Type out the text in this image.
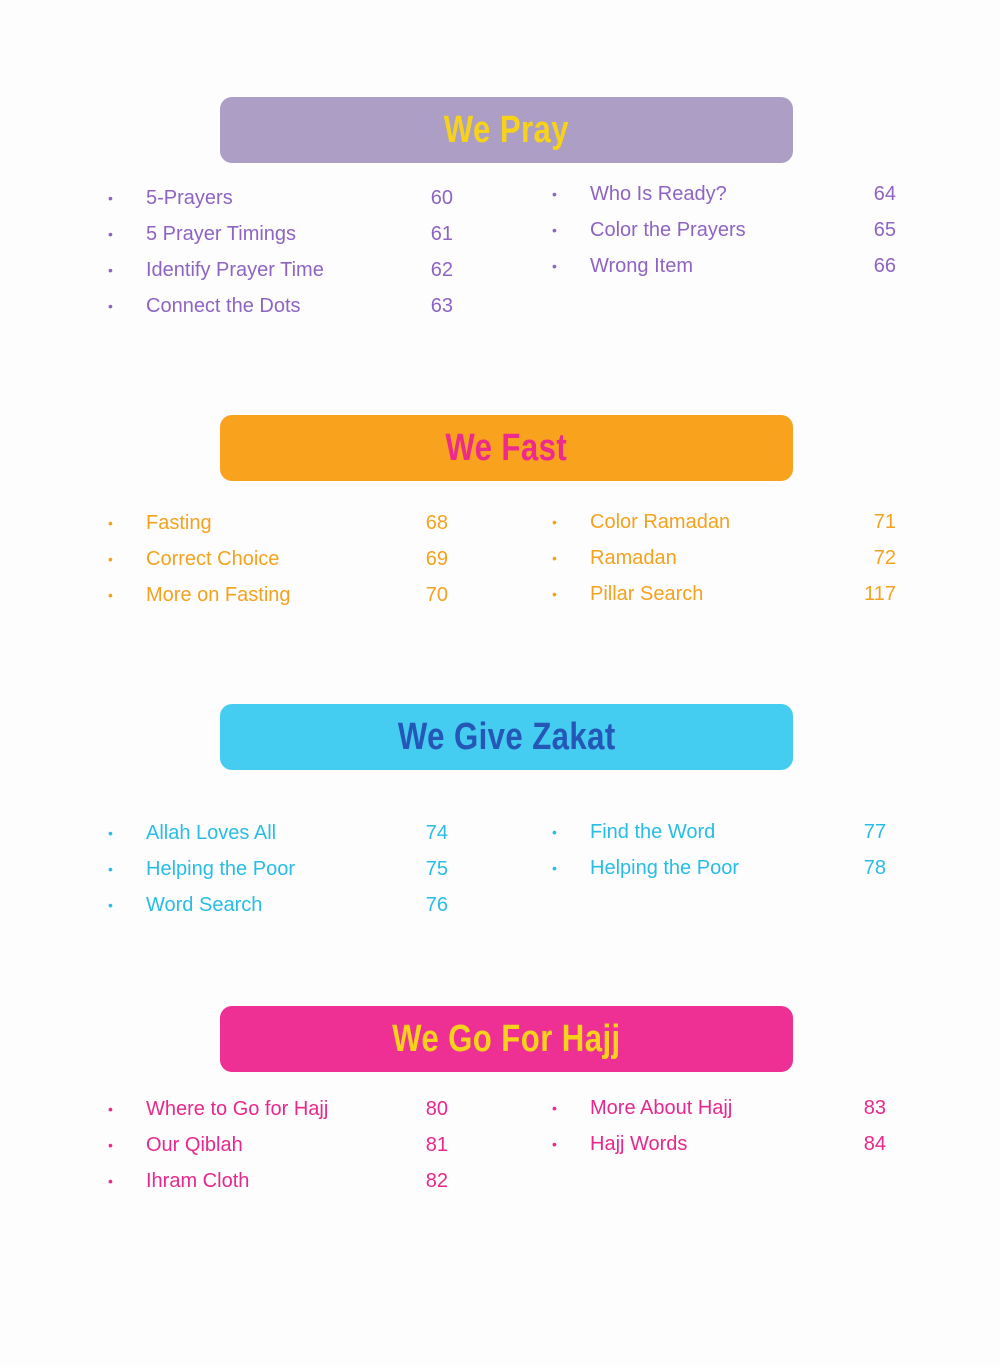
We Pray
• 5-Prayers	60
• 5 Prayer Timings	61
• Identify Prayer Time	62
• Connect the Dots	63
• Who Is Ready?	64
• Color the Prayers	65
• Wrong Item	66
We Fast
• Fasting	68
• Correct Choice	69
• More on Fasting	70
• Color Ramadan	71
• Ramadan	72
• Pillar Search	117
We Give Zakat
• Allah Loves All	74
• Helping the Poor	75
• Word Search	76
• Find the Word	77
• Helping the Poor	78
We Go For Hajj
• Where to Go for Hajj	80
• Our Qiblah	81
• Ihram Cloth	82
• More About Hajj	83
• Hajj Words	84
